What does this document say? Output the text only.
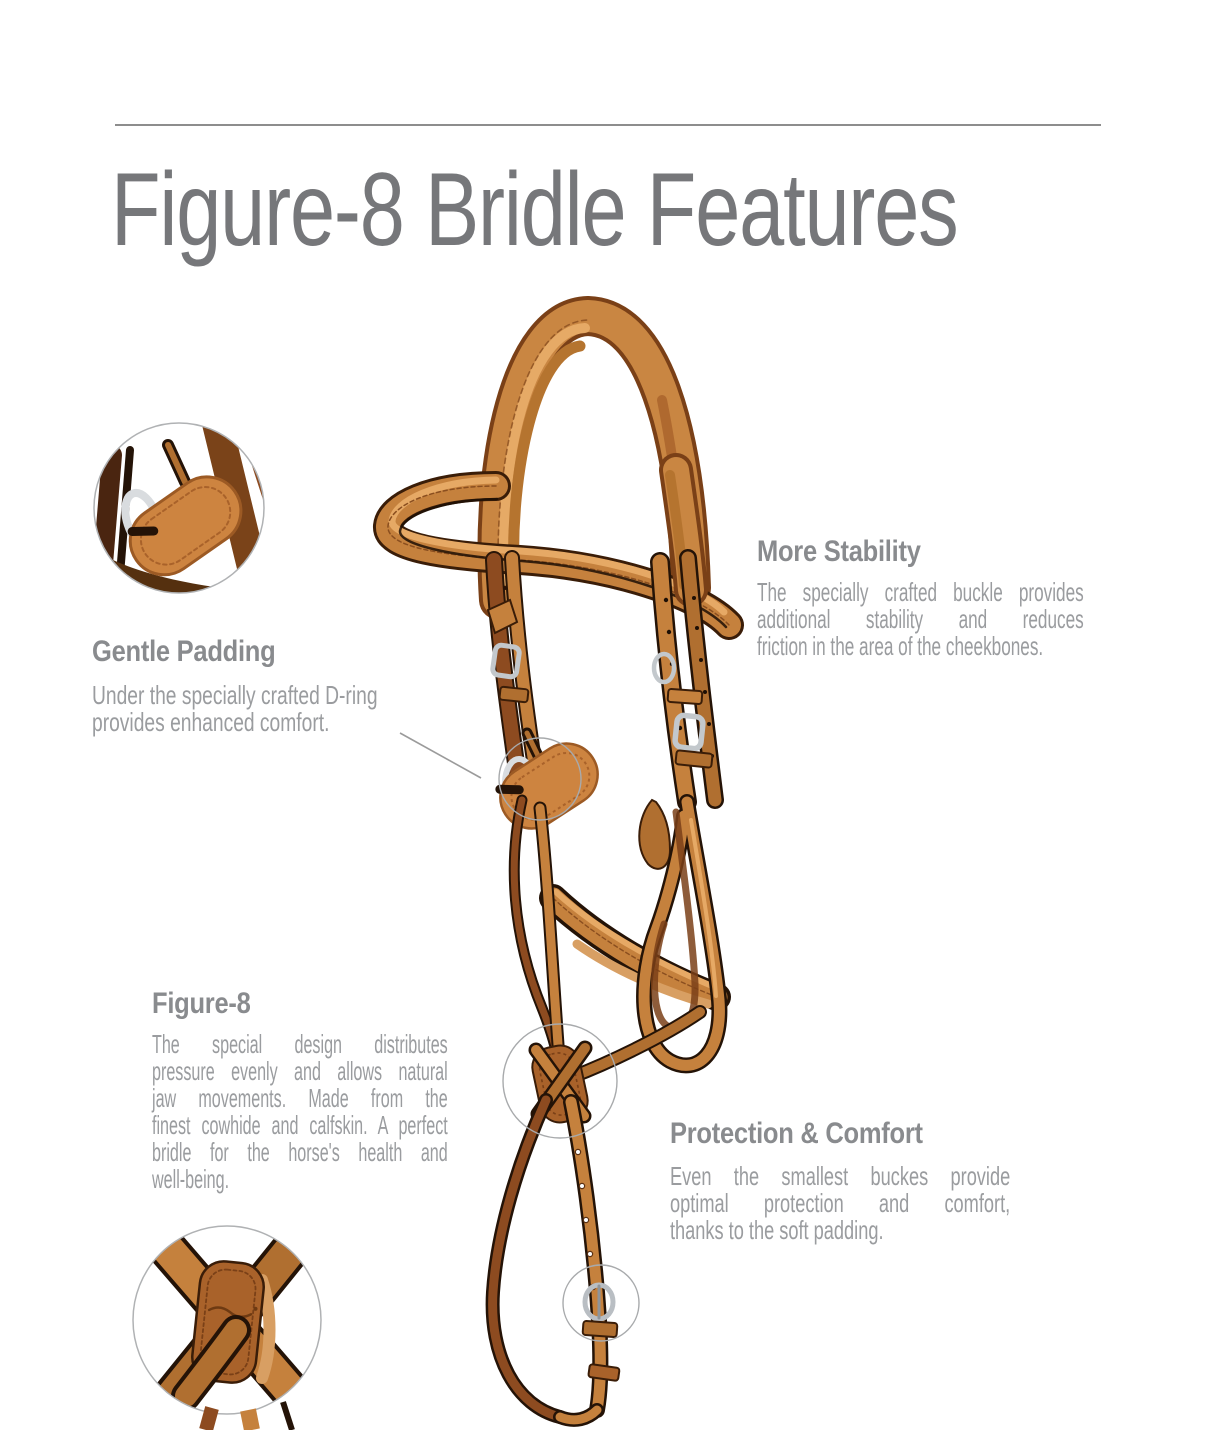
Figure-8 Bridle Features
Gentle Padding
Under the specially crafted D-ring
provides enhanced comfort.
More Stability
The specially crafted buckle provides
additional stability and reduces
friction in the area of the cheekbones.
Figure-8
The special design distributes
pressure evenly and allows natural
jaw movements. Made from the
finest cowhide and calfskin. A perfect
bridle for the horse's health and
well-being.
Protection & Comfort
Even the smallest buckes provide
optimal protection and comfort,
thanks to the soft padding.
